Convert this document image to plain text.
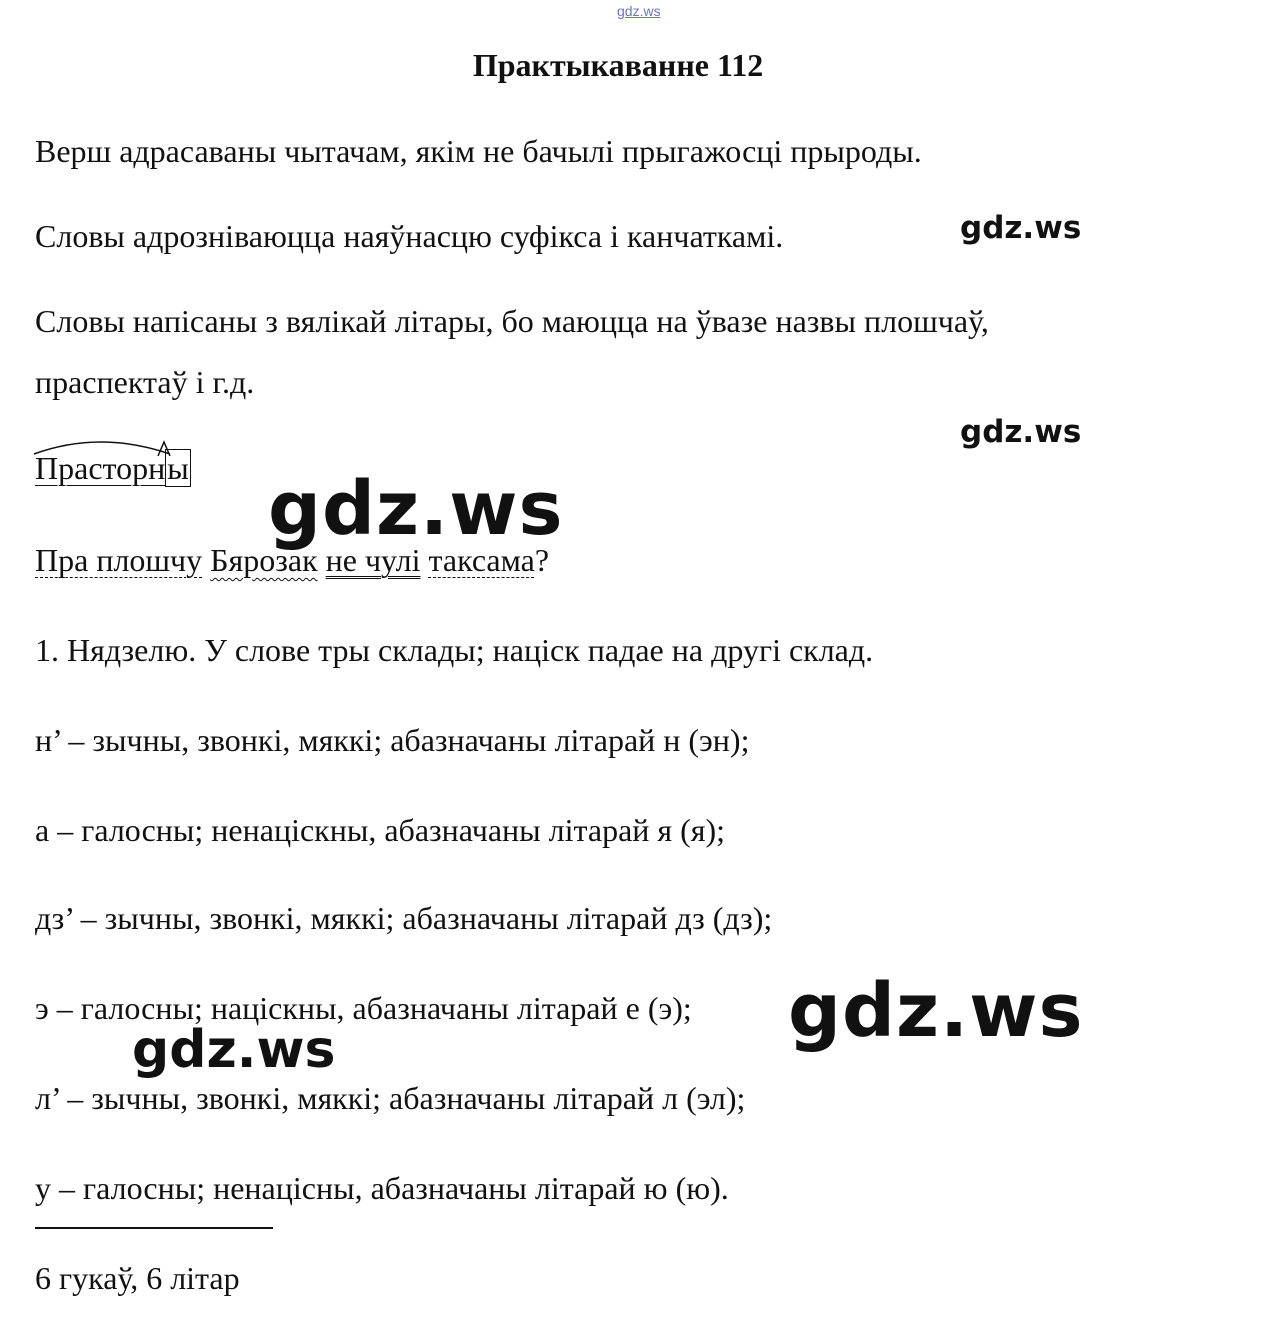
gdz.ws
Практыкаванне 112
Верш адрасаваны чытачам, якім не бачылі прыгажосці прыроды.
Словы адрозніваюцца наяўнасцю суфікса і канчаткамі.	gdz.ws
Словы напісаны з вялікай літары, бо маюцца на ўвазе назвы плошчаў,
праспектаў і г.д.
gdz.ws
Прасторны gdz.ws
Пра плошчу Бярозак не чулі таксама?
1. Нядзелю. У слове тры склады; націск падае на другі склад.
н’ – зычны, звонкі, мяккі; абазначаны літарай н (эн);
а – галосны; ненаціскны, абазначаны літарай я (я);
дз’ – зычны, звонкі, мяккі; абазначаны літарай дз (дз);
э – галосны; націскны, абазначаны літарай е (э); gdz.ws
gdz.ws
л’ – зычны, звонкі, мяккі; абазначаны літарай л (эл);
у – галосны; ненацісны, абазначаны літарай ю (ю).
6 гукаў, 6 літар
